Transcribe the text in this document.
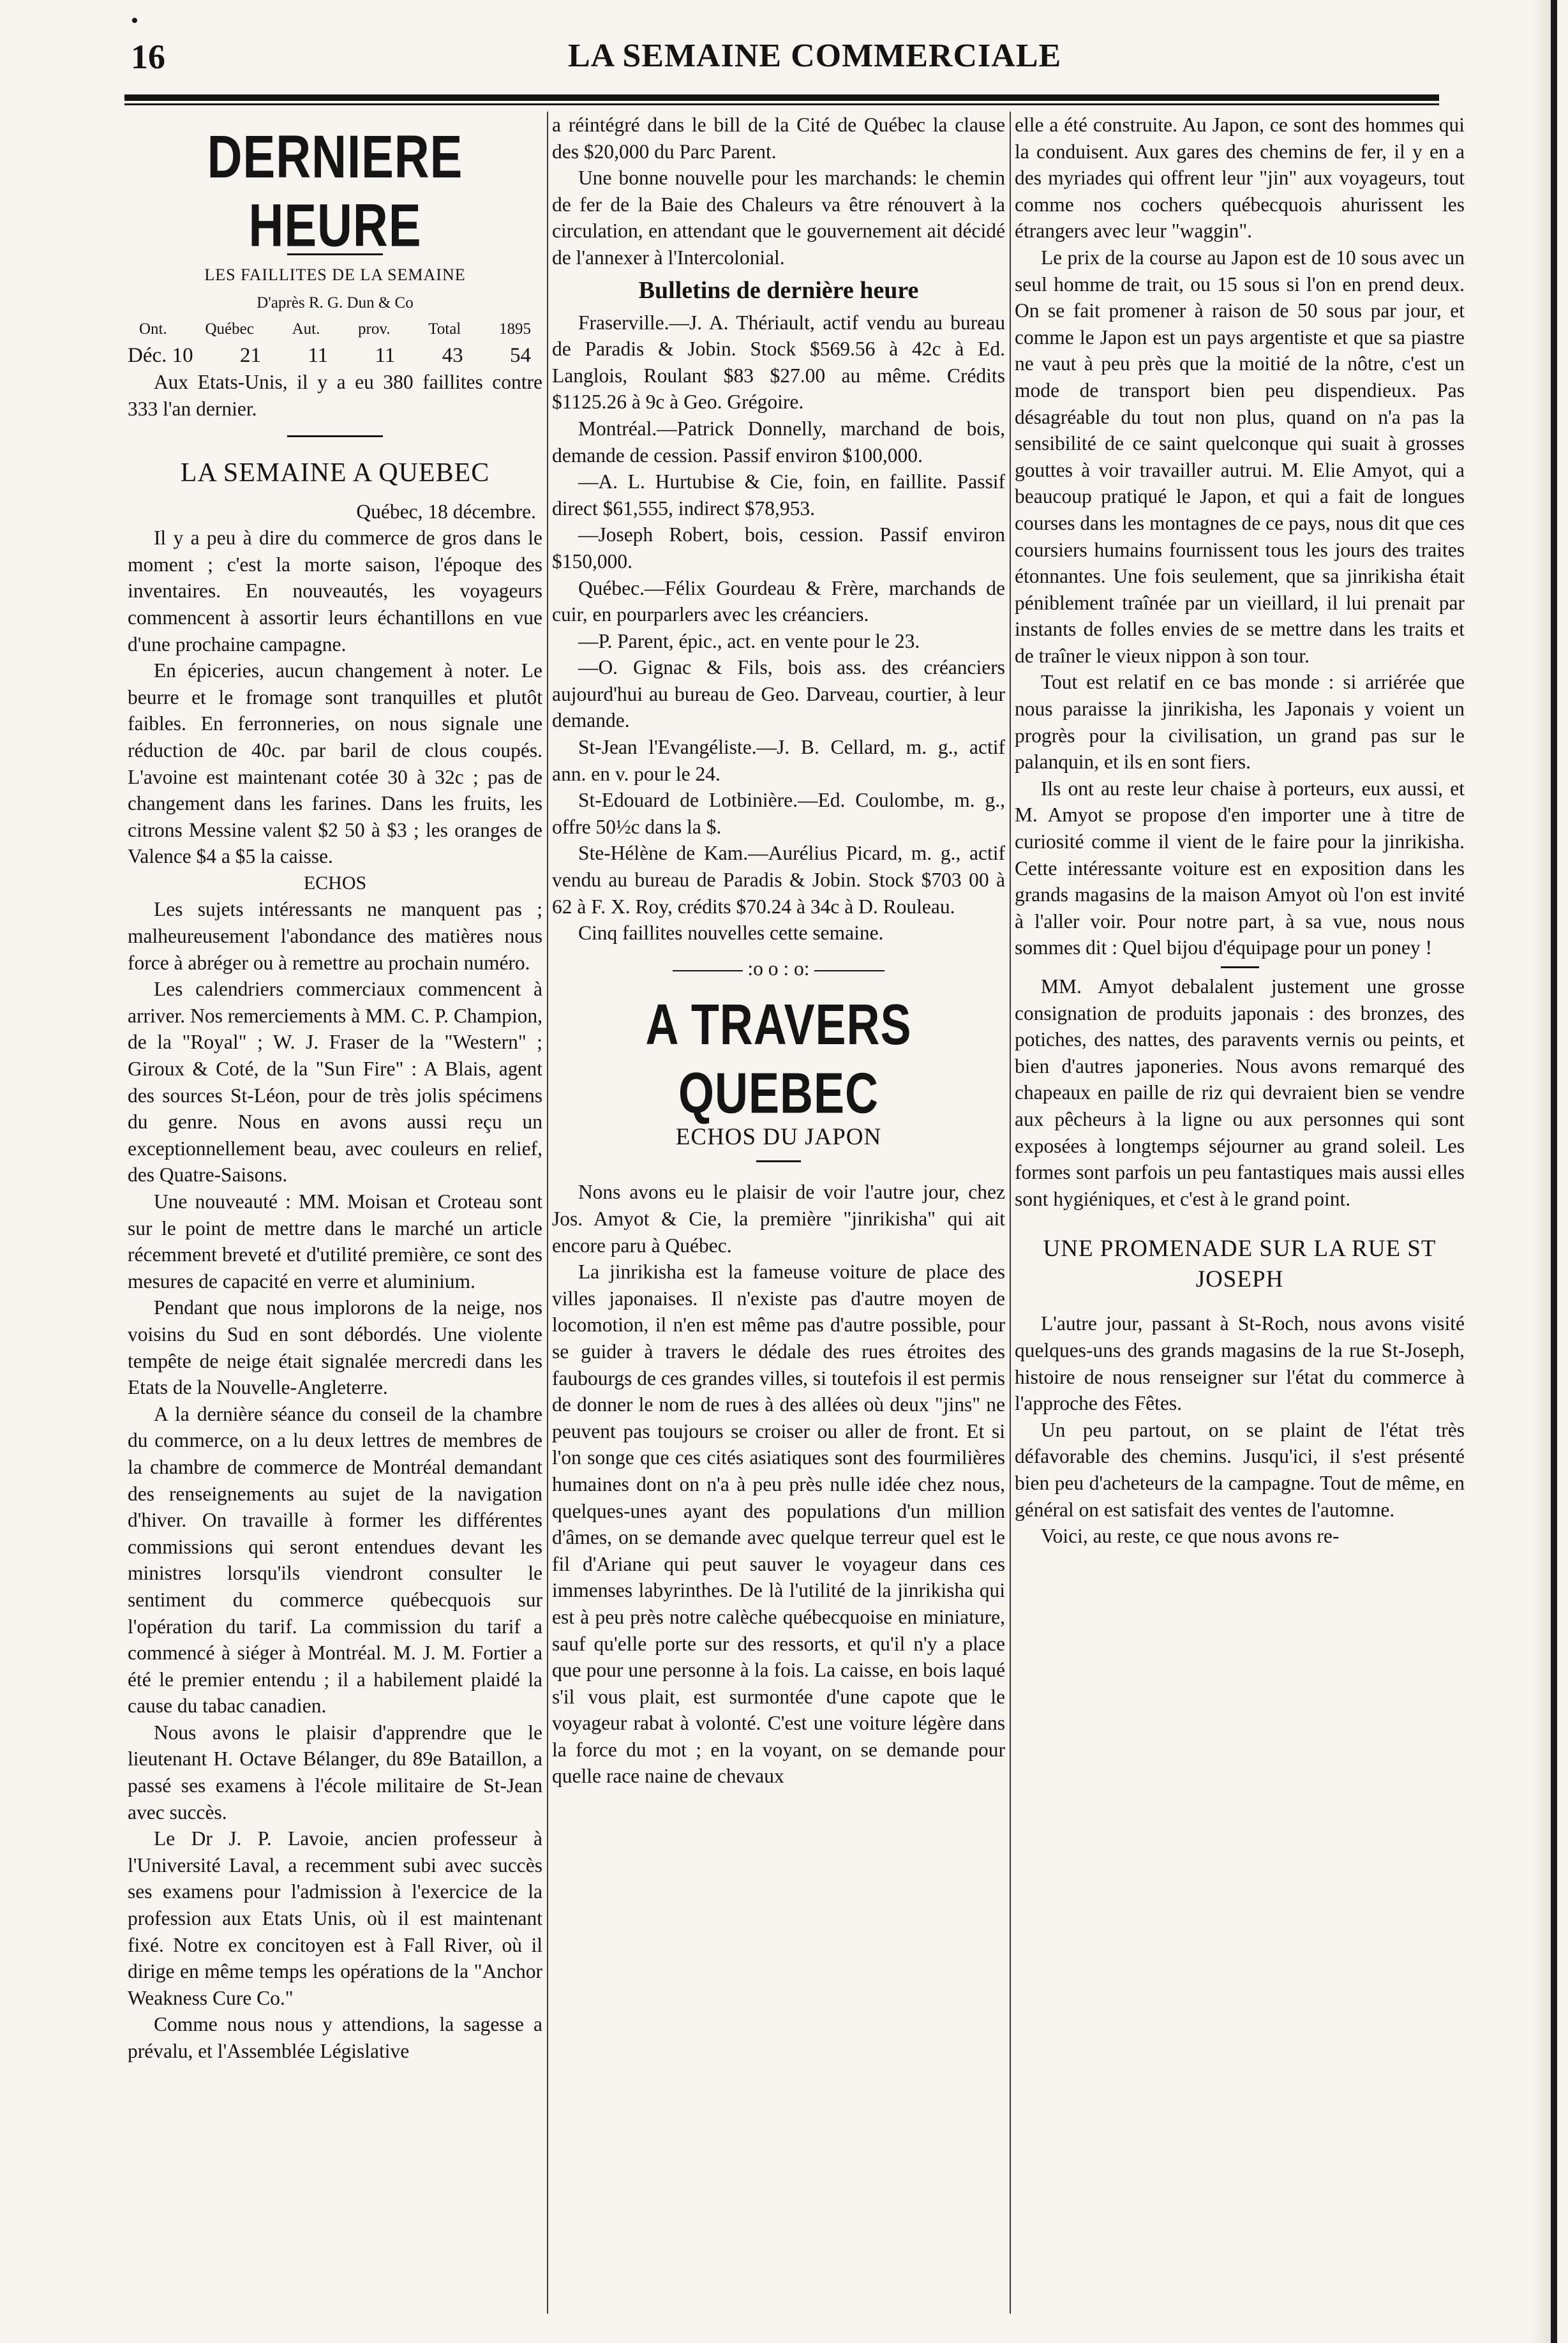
•
16	LA SEMAINE COMMERCIALE
DERNIERE HEURE
LES FAILLITES DE LA SEMAINE
D'après R. G. Dun & Co
Ont. Québec Aut. prov. Total 1895
Déc. 10 21 11 11 43 54

Aux Etats-Unis, il y a eu 380 faillites contre 333 l'an dernier.

LA SEMAINE A QUEBEC

Québec, 18 décembre.

Il y a peu à dire du commerce de gros dans le moment ; c'est la morte saison, l'époque des inventaires. En nouveautés, les voyageurs commencent à assortir leurs échantillons en vue d'une prochaine campagne.

En épiceries, aucun changement à noter. Le beurre et le fromage sont tranquilles et plutôt faibles. En ferronneries, on nous signale une réduction de 40c. par baril de clous coupés. L'avoine est maintenant cotée 30 à 32c ; pas de changement dans les farines. Dans les fruits, les citrons Messine valent $2 50 à $3 ; les oranges de Valence $4 a $5 la caisse.

ECHOS

Les sujets intéressants ne manquent pas ; malheureusement l'abondance des matières nous force à abréger ou à remettre au prochain numéro.

Les calendriers commerciaux commencent à arriver. Nos remerciements à MM. C. P. Champion, de la "Royal" ; W. J. Fraser de la "Western" ; Giroux & Coté, de la "Sun Fire" : A Blais, agent des sources St-Léon, pour de très jolis spécimens du genre. Nous en avons aussi reçu un exceptionnellement beau, avec couleurs en relief, des Quatre-Saisons.

Une nouveauté : MM. Moisan et Croteau sont sur le point de mettre dans le marché un article récemment breveté et d'utilité première, ce sont des mesures de capacité en verre et aluminium.

Pendant que nous implorons de la neige, nos voisins du Sud en sont débordés. Une violente tempête de neige était signalée mercredi dans les Etats de la Nouvelle-Angleterre.

A la dernière séance du conseil de la chambre du commerce, on a lu deux lettres de membres de la chambre de commerce de Montréal demandant des renseignements au sujet de la navigation d'hiver. On travaille à former les différentes commissions qui seront entendues devant les ministres lorsqu'ils viendront consulter le sentiment du commerce québecquois sur l'opération du tarif. La commission du tarif a commencé à siéger à Montréal. M. J. M. Fortier a été le premier entendu ; il a habilement plaidé la cause du tabac canadien.

Nous avons le plaisir d'apprendre que le lieutenant H. Octave Bélanger, du 89e Bataillon, a passé ses examens à l'école militaire de St-Jean avec succès.

Le Dr J. P. Lavoie, ancien professeur à l'Université Laval, a recemment subi avec succès ses examens pour l'admission à l'exercice de la profession aux Etats Unis, où il est maintenant fixé. Notre ex concitoyen est à Fall River, où il dirige en même temps les opérations de la "Anchor Weakness Cure Co."

Comme nous nous y attendions, la sagesse a prévalu, et l'Assemblée Législative

a réintégré dans le bill de la Cité de Québec la clause des $20,000 du Parc Parent.

Une bonne nouvelle pour les marchands: le chemin de fer de la Baie des Chaleurs va être rénouvert à la circulation, en attendant que le gouvernement ait décidé de l'annexer à l'Intercolonial.

Bulletins de dernière heure

Fraserville.—J. A. Thériault, actif vendu au bureau de Paradis & Jobin. Stock $569.56 à 42c à Ed. Langlois, Roulant $83 $27.00 au même. Crédits $1125.26 à 9c à Geo. Grégoire.

Montréal.—Patrick Donnelly, marchand de bois, demande de cession. Passif environ $100,000.

—A. L. Hurtubise & Cie, foin, en faillite. Passif direct $61,555, indirect $78,953.

—Joseph Robert, bois, cession. Passif environ $150,000.

Québec.—Félix Gourdeau & Frère, marchands de cuir, en pourparlers avec les créanciers.

—P. Parent, épic., act. en vente pour le 23.

—O. Gignac & Fils, bois ass. des créanciers aujourd'hui au bureau de Geo. Darveau, courtier, à leur demande.

St-Jean l'Evangéliste.—J. B. Cellard, m. g., actif ann. en v. pour le 24.

St-Edouard de Lotbinière.—Ed. Coulombe, m. g., offre 50½c dans la $.

Ste-Hélène de Kam.—Aurélius Picard, m. g., actif vendu au bureau de Paradis & Jobin. Stock $703 00 à 62 à F. X. Roy, crédits $70.24 à 34c à D. Rouleau.

Cinq faillites nouvelles cette semaine.

:o o : o:
A TRAVERS QUEBEC
ECHOS DU JAPON

Nons avons eu le plaisir de voir l'autre jour, chez Jos. Amyot & Cie, la première "jinrikisha" qui ait encore paru à Québec.

La jinrikisha est la fameuse voiture de place des villes japonaises. Il n'existe pas d'autre moyen de locomotion, il n'en est même pas d'autre possible, pour se guider à travers le dédale des rues étroites des faubourgs de ces grandes villes, si toutefois il est permis de donner le nom de rues à des allées où deux "jins" ne peuvent pas toujours se croiser ou aller de front. Et si l'on songe que ces cités asiatiques sont des fourmilières humaines dont on n'a à peu près nulle idée chez nous, quelques-unes ayant des populations d'un million d'âmes, on se demande avec quelque terreur quel est le fil d'Ariane qui peut sauver le voyageur dans ces immenses labyrinthes. De là l'utilité de la jinrikisha qui est à peu près notre calèche québecquoise en miniature, sauf qu'elle porte sur des ressorts, et qu'il n'y a place que pour une personne à la fois. La caisse, en bois laqué s'il vous plait, est surmontée d'une capote que le voyageur rabat à volonté. C'est une voiture légère dans la force du mot ; en la voyant, on se demande pour quelle race naine de chevaux

elle a été construite. Au Japon, ce sont des hommes qui la conduisent. Aux gares des chemins de fer, il y en a des myriades qui offrent leur "jin" aux voyageurs, tout comme nos cochers québecquois ahurissent les étrangers avec leur "waggin".

Le prix de la course au Japon est de 10 sous avec un seul homme de trait, ou 15 sous si l'on en prend deux. On se fait promener à raison de 50 sous par jour, et comme le Japon est un pays argentiste et que sa piastre ne vaut à peu près que la moitié de la nôtre, c'est un mode de transport bien peu dispendieux. Pas désagréable du tout non plus, quand on n'a pas la sensibilité de ce saint quelconque qui suait à grosses gouttes à voir travailler autrui. M. Elie Amyot, qui a beaucoup pratiqué le Japon, et qui a fait de longues courses dans les montagnes de ce pays, nous dit que ces coursiers humains fournissent tous les jours des traites étonnantes. Une fois seulement, que sa jinrikisha était péniblement traînée par un vieillard, il lui prenait par instants de folles envies de se mettre dans les traits et de traîner le vieux nippon à son tour.

Tout est relatif en ce bas monde : si arriérée que nous paraisse la jinrikisha, les Japonais y voient un progrès pour la civilisation, un grand pas sur le palanquin, et ils en sont fiers.

Ils ont au reste leur chaise à porteurs, eux aussi, et M. Amyot se propose d'en importer une à titre de curiosité comme il vient de le faire pour la jinrikisha. Cette intéressante voiture est en exposition dans les grands magasins de la maison Amyot où l'on est invité à l'aller voir. Pour notre part, à sa vue, nous nous sommes dit : Quel bijou d'équipage pour un poney !

MM. Amyot debalalent justement une grosse consignation de produits japonais : des bronzes, des potiches, des nattes, des paravents vernis ou peints, et bien d'autres japoneries. Nous avons remarqué des chapeaux en paille de riz qui devraient bien se vendre aux pêcheurs à la ligne ou aux personnes qui sont exposées à longtemps séjourner au grand soleil. Les formes sont parfois un peu fantastiques mais aussi elles sont hygiéniques, et c'est à le grand point.

UNE PROMENADE SUR LA RUE ST JOSEPH

L'autre jour, passant à St-Roch, nous avons visité quelques-uns des grands magasins de la rue St-Joseph, histoire de nous renseigner sur l'état du commerce à l'approche des Fêtes.

Un peu partout, on se plaint de l'état très défavorable des chemins. Jusqu'ici, il s'est présenté bien peu d'acheteurs de la campagne. Tout de même, en général on est satisfait des ventes de l'automne.

Voici, au reste, ce que nous avons re-
